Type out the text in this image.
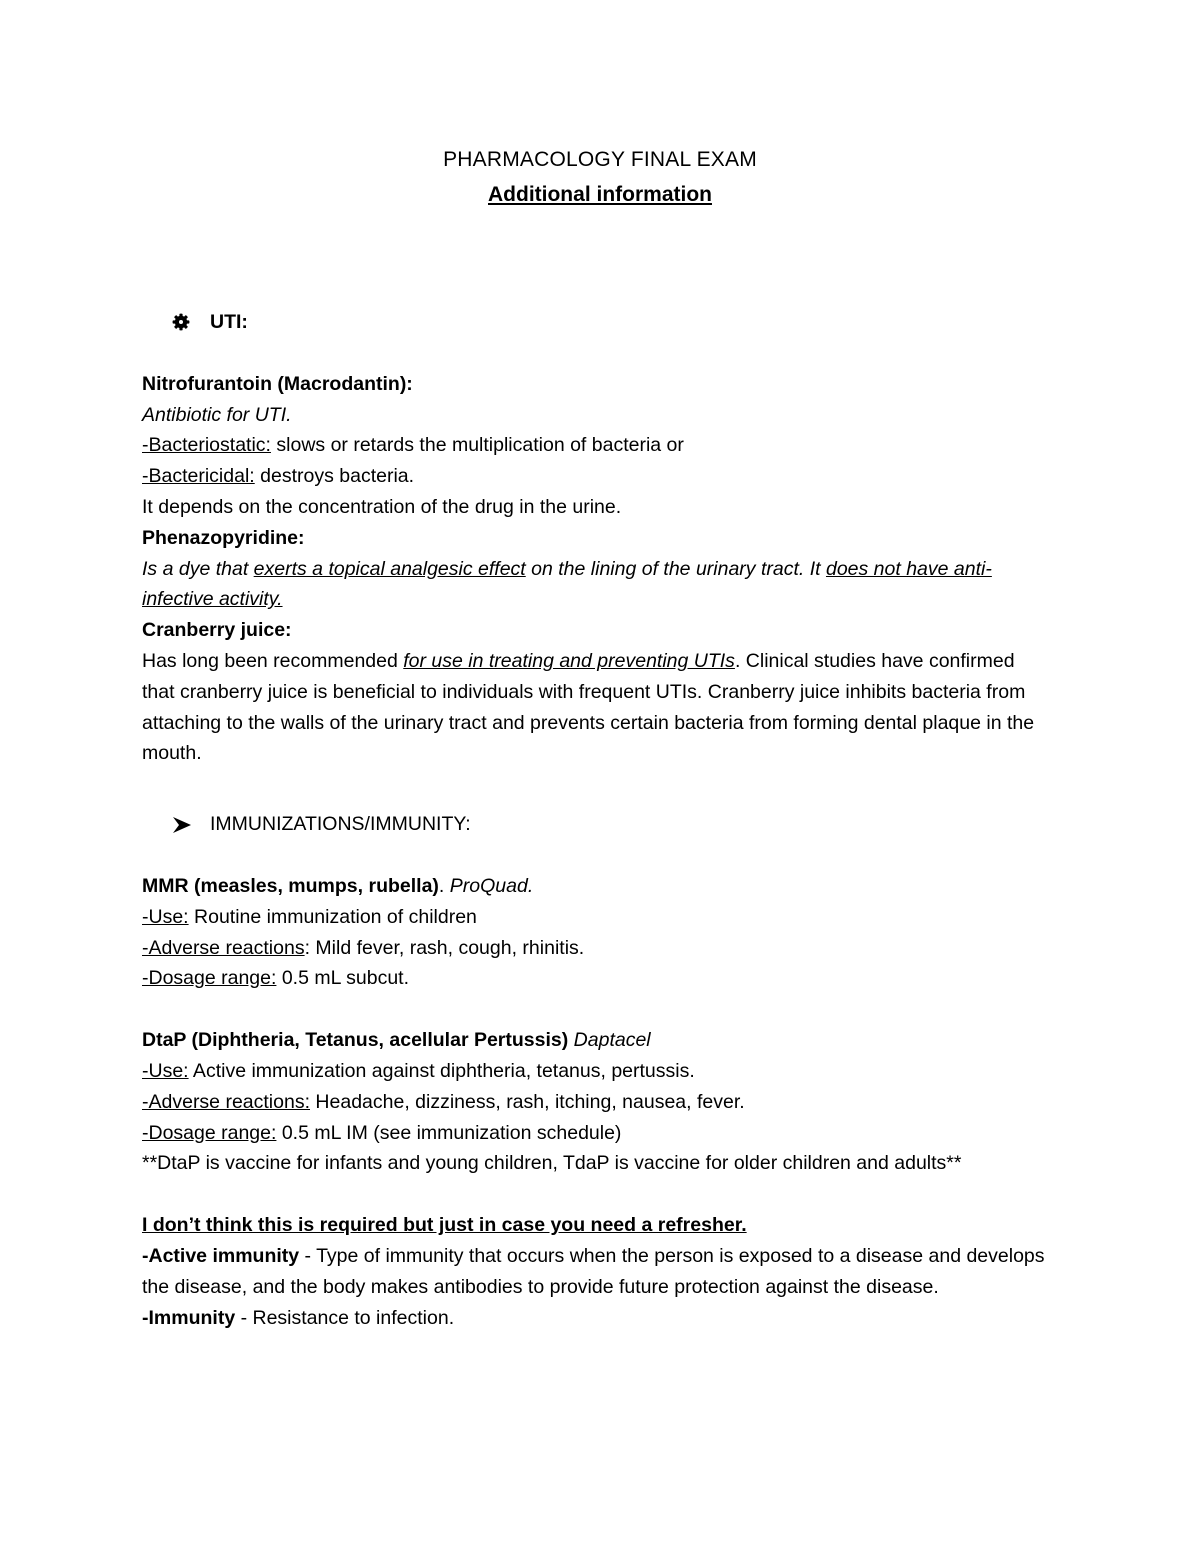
PHARMACOLOGY FINAL EXAM
Additional information
UTI:

Nitrofurantoin (Macrodantin):

Antibiotic for UTI.

-Bacteriostatic: slows or retards the multiplication of bacteria or

-Bactericidal: destroys bacteria.

It depends on the concentration of the drug in the urine.

Phenazopyridine:

Is a dye that exerts a topical analgesic effect on the lining of the urinary tract. It does not have anti-infective activity.

Cranberry juice:

Has long been recommended for use in treating and preventing UTIs. Clinical studies have confirmed that cranberry juice is beneficial to individuals with frequent UTIs. Cranberry juice inhibits bacteria from attaching to the walls of the urinary tract and prevents certain bacteria from forming dental plaque in the mouth.

IMMUNIZATIONS/IMMUNITY:

MMR (measles, mumps, rubella). ProQuad.

-Use: Routine immunization of children

-Adverse reactions: Mild fever, rash, cough, rhinitis.

-Dosage range: 0.5 mL subcut.

DtaP (Diphtheria, Tetanus, acellular Pertussis) Daptacel

-Use: Active immunization against diphtheria, tetanus, pertussis.

-Adverse reactions: Headache, dizziness, rash, itching, nausea, fever.

-Dosage range: 0.5 mL IM (see immunization schedule)

**DtaP is vaccine for infants and young children, TdaP is vaccine for older children and adults**

I don’t think this is required but just in case you need a refresher.

-Active immunity - Type of immunity that occurs when the person is exposed to a disease and develops the disease, and the body makes antibodies to provide future protection against the disease.

-Immunity - Resistance to infection.
